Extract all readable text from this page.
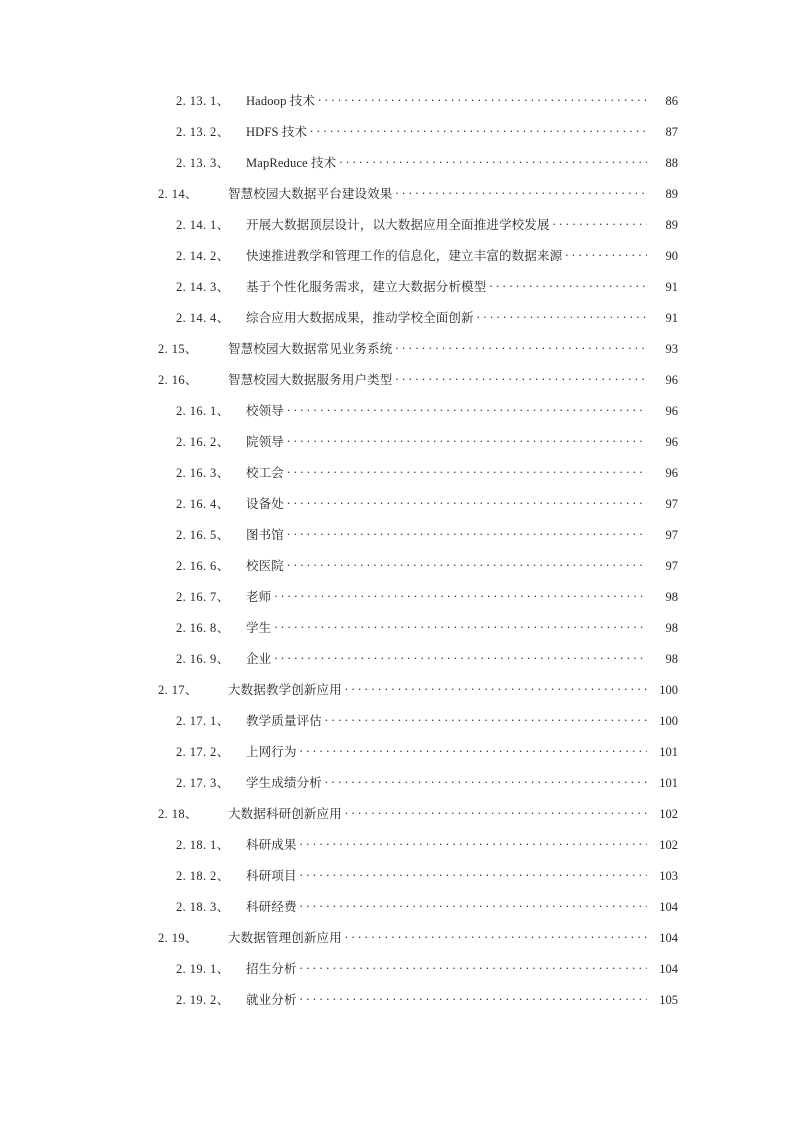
2. 13. 1、	Hadoop 技术 . . .	86
2. 13. 2、	HDFS 技术 . . .	87
2. 13. 3、	MapReduce 技术 . . .	88
2. 14、	智慧校园大数据平台建设效果 . . .	89
2. 14. 1、	开展大数据顶层设计，以大数据应用全面推进学校发展 . . .	89
2. 14. 2、	快速推进教学和管理工作的信息化，建立丰富的数据来源 . . .	90
2. 14. 3、	基于个性化服务需求，建立大数据分析模型 . . .	91
2. 14. 4、	综合应用大数据成果，推动学校全面创新 . . .	91
2. 15、	智慧校园大数据常见业务系统 . . .	93
2. 16、	智慧校园大数据服务用户类型 . . .	96
2. 16. 1、	校领导 . . .	96
2. 16. 2、	院领导 . . .	96
2. 16. 3、	校工会 . . .	96
2. 16. 4、	设备处 . . .	97
2. 16. 5、	图书馆 . . .	97
2. 16. 6、	校医院 . . .	97
2. 16. 7、	老师 . . .	98
2. 16. 8、	学生 . . .	98
2. 16. 9、	企业 . . .	98
2. 17、	大数据教学创新应用 . . .	100
2. 17. 1、	教学质量评估 . . .	100
2. 17. 2、	上网行为 . . .	101
2. 17. 3、	学生成绩分析 . . .	101
2. 18、	大数据科研创新应用 . . .	102
2. 18. 1、	科研成果 . . .	102
2. 18. 2、	科研项目 . . .	103
2. 18. 3、	科研经费 . . .	104
2. 19、	大数据管理创新应用 . . .	104
2. 19. 1、	招生分析 . . .	104
2. 19. 2、	就业分析 . . .	105
